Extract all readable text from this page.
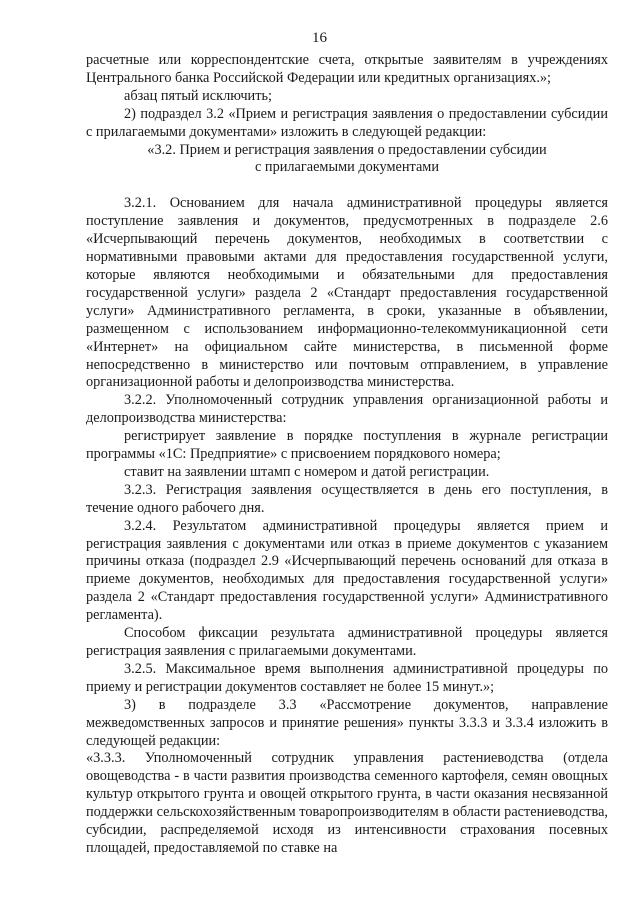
16

расчетные или корреспондентские счета, открытые заявителям в учреждениях Центрального банка Российской Федерации или кредитных организациях.»;

абзац пятый исключить;

2) подраздел 3.2 «Прием и регистрация заявления о предоставлении субсидии с прилагаемыми документами» изложить в следующей редакции:

«3.2. Прием и регистрация заявления о предоставлении субсидии

с прилагаемыми документами

3.2.1. Основанием для начала административной процедуры является поступление заявления и документов, предусмотренных в подразделе 2.6 «Исчерпывающий перечень документов, необходимых в соответствии с нормативными правовыми актами для предоставления государственной услуги, которые являются необходимыми и обязательными для предоставления государственной услуги» раздела 2 «Стандарт предоставления государственной услуги» Административного регламента, в сроки, указанные в объявлении, размещенном с использованием информационно-телекоммуникационной сети «Интернет» на официальном сайте министерства, в письменной форме непосредственно в министерство или почтовым отправлением, в управление организационной работы и делопроизводства министерства.

3.2.2. Уполномоченный сотрудник управления организационной работы и делопроизводства министерства:

регистрирует заявление в порядке поступления в журнале регистрации программы «1С: Предприятие» с присвоением порядкового номера;

ставит на заявлении штамп с номером и датой регистрации.

3.2.3. Регистрация заявления осуществляется в день его поступления, в течение одного рабочего дня.

3.2.4. Результатом административной процедуры является прием и регистрация заявления с документами или отказ в приеме документов с указанием причины отказа (подраздел 2.9 «Исчерпывающий перечень оснований для отказа в приеме документов, необходимых для предоставления государственной услуги» раздела 2 «Стандарт предоставления государственной услуги» Административного регламента).

Способом фиксации результата административной процедуры является регистрация заявления с прилагаемыми документами.

3.2.5. Максимальное время выполнения административной процедуры по приему и регистрации документов составляет не более 15 минут.»;

3) в подразделе 3.3 «Рассмотрение документов, направление межведомственных запросов и принятие решения» пункты 3.3.3 и 3.3.4 изложить в следующей редакции:

«3.3.3. Уполномоченный сотрудник управления растениеводства (отдела овощеводства - в части развития производства семенного картофеля, семян овощных культур открытого грунта и овощей открытого грунта, в части оказания несвязанной поддержки сельскохозяйственным товаропроизводителям в области растениеводства, субсидии, распределяемой исходя из интенсивности страхования посевных площадей, предоставляемой по ставке на
